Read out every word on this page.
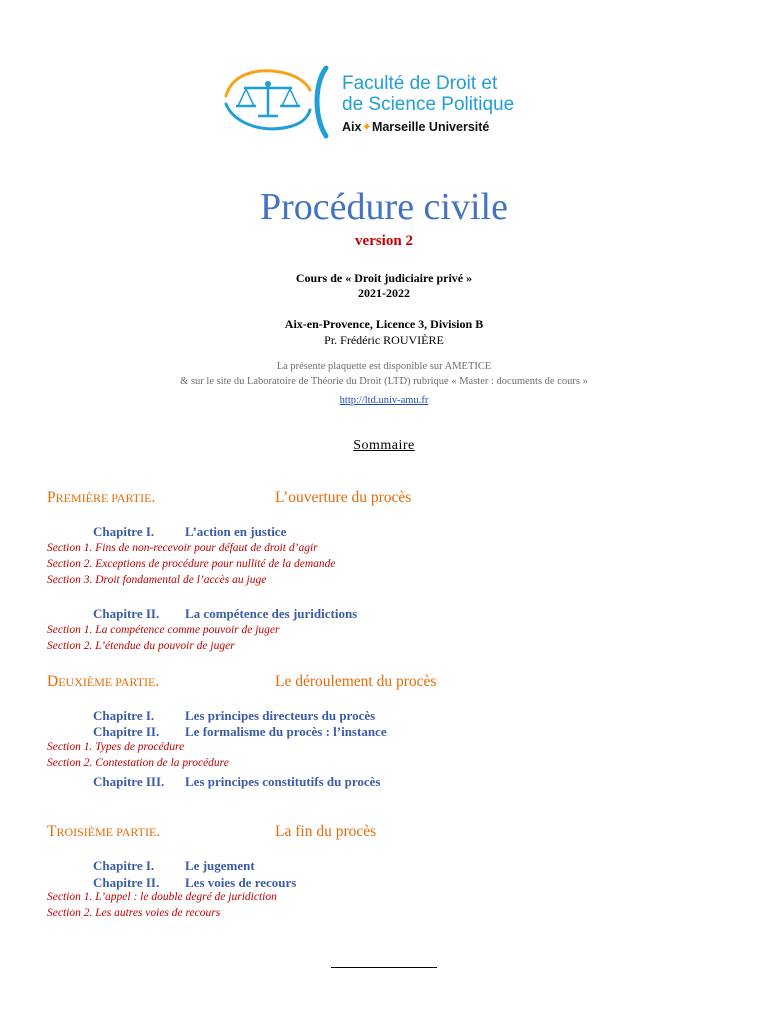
Faculté de Droit et
de Science Politique
Aix✦Marseille Université
Procédure civile
version 2
Cours de « Droit judiciaire privé »
2021-2022
Aix-en-Provence, Licence 3, Division B
Pr. Frédéric ROUVIÈRE
La présente plaquette est disponible sur AMETICE
& sur le site du Laboratoire de Théorie du Droit (LTD) rubrique « Master : documents de cours »
http://ltd.univ-amu.fr
Sommaire
PREMIÈRE PARTIE.	L’ouverture du procès
Chapitre I. L’action en justice
Section 1. Fins de non-recevoir pour défaut de droit d’agir
Section 2. Exceptions de procédure pour nullité de la demande
Section 3. Droit fondamental de l’accès au juge
Chapitre II. La compétence des juridictions
Section 1. La compétence comme pouvoir de juger
Section 2. L’étendue du pouvoir de juger
DEUXIÈME PARTIE.	Le déroulement du procès
Chapitre I. Les principes directeurs du procès
Chapitre II. Le formalisme du procès : l’instance
Section 1. Types de procédure
Section 2. Contestation de la procédure
Chapitre III. Les principes constitutifs du procès
TROISIÈME PARTIE.	La fin du procès
Chapitre I. Le jugement
Chapitre II. Les voies de recours
Section 1. L’appel : le double degré de juridiction
Section 2. Les autres voies de recours
